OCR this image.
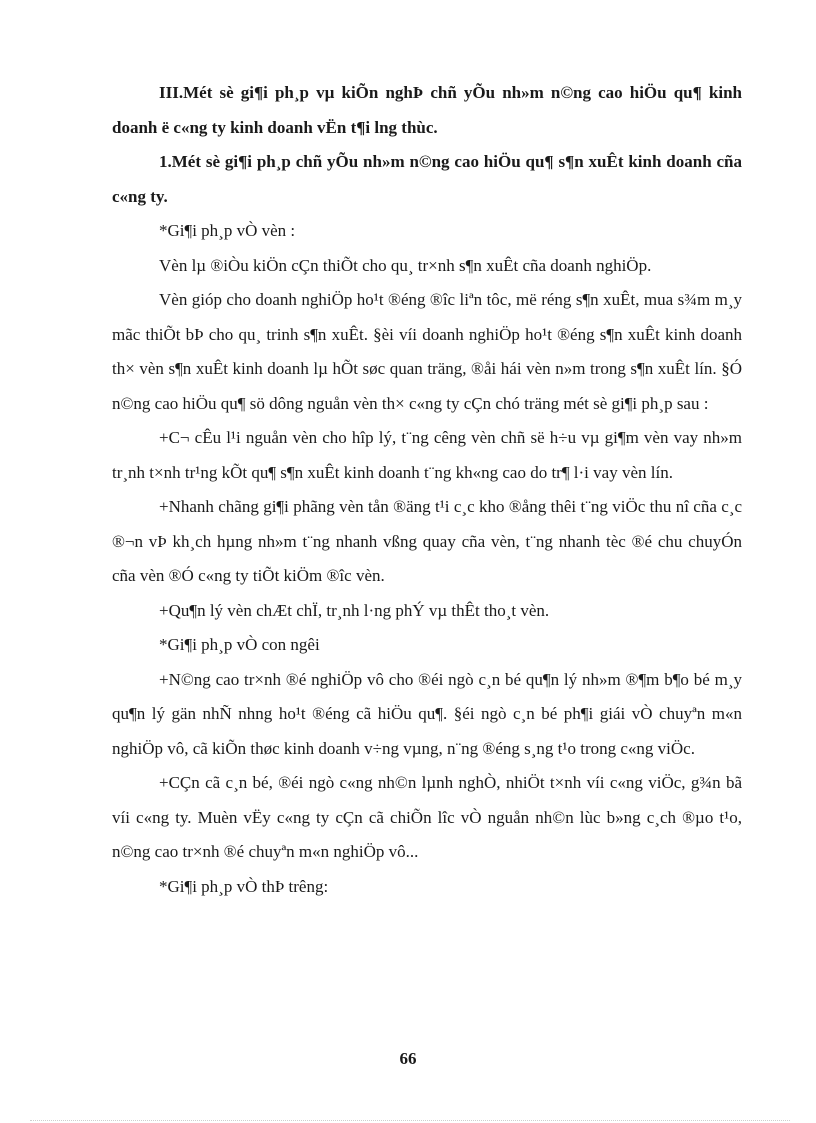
III.Mét sè gi¶i ph¸p vµ kiÕn nghÞ chñ yÕu nh»m n©ng cao hiÖu qu¶ kinh doanh ë c«ng ty kinh doanh vËn t¶i lng thùc.

1.Mét sè gi¶i ph¸p chñ yÕu nh»m n©ng cao hiÖu qu¶ s¶n xuÊt kinh doanh cña c«ng ty.

*Gi¶i ph¸p vÒ vèn :

Vèn lµ ®iÒu kiÖn cÇn thiÕt cho qu¸ tr×nh s¶n xuÊt cña doanh nghiÖp.

Vèn gióp cho doanh nghiÖp ho¹t ®éng ®îc liªn tôc, më réng s¶n xuÊt, mua s¾m m¸y mãc thiÕt bÞ cho qu¸ trinh s¶n xuÊt. §èi víi doanh nghiÖp ho¹t ®éng s¶n xuÊt kinh doanh th× vèn s¶n xuÊt kinh doanh lµ hÕt søc quan träng, ®åi hái vèn n»m trong s¶n xuÊt lín. §Ó n©ng cao hiÖu qu¶ sö dông nguån vèn th× c«ng ty cÇn chó träng mét sè gi¶i ph¸p sau :

+C¬ cÊu l¹i nguån vèn cho hîp lý, t¨ng cêng vèn chñ së h÷u vµ gi¶m vèn vay nh»m tr¸nh t×nh tr¹ng kÕt qu¶ s¶n xuÊt kinh doanh t¨ng kh«ng cao do tr¶ l·i vay vèn lín.

+Nhanh chãng gi¶i phãng vèn tån ®äng t¹i c¸c kho ®ång thêi t¨ng viÖc thu nî cña c¸c ®¬n vÞ kh¸ch hµng nh»m t¨ng nhanh vßng quay cña vèn, t¨ng nhanh tèc ®é chu chuyÓn cña vèn ®Ó c«ng ty tiÕt kiÖm ®îc vèn.

+Qu¶n lý vèn chÆt chÏ, tr¸nh l·ng phÝ vµ thÊt tho¸t vèn.

*Gi¶i ph¸p vÒ con ngêi

+N©ng cao tr×nh ®é nghiÖp vô cho ®éi ngò c¸n bé qu¶n lý nh»m ®¶m b¶o bé m¸y qu¶n lý gän nhÑ nhng ho¹t ®éng cã hiÖu qu¶. §éi ngò c¸n bé ph¶i giái vÒ chuyªn m«n nghiÖp vô, cã kiÕn thøc kinh doanh v÷ng vµng, n¨ng ®éng s¸ng t¹o trong c«ng viÖc.

+CÇn cã c¸n bé, ®éi ngò c«ng nh©n lµnh nghÒ, nhiÖt t×nh víi c«ng viÖc, g¾n bã víi c«ng ty. Muèn vËy c«ng ty cÇn cã chiÕn lîc vÒ nguån nh©n lùc b»ng c¸ch ®µo t¹o, n©ng cao tr×nh ®é chuyªn m«n nghiÖp vô...

*Gi¶i ph¸p vÒ thÞ trêng:

66
